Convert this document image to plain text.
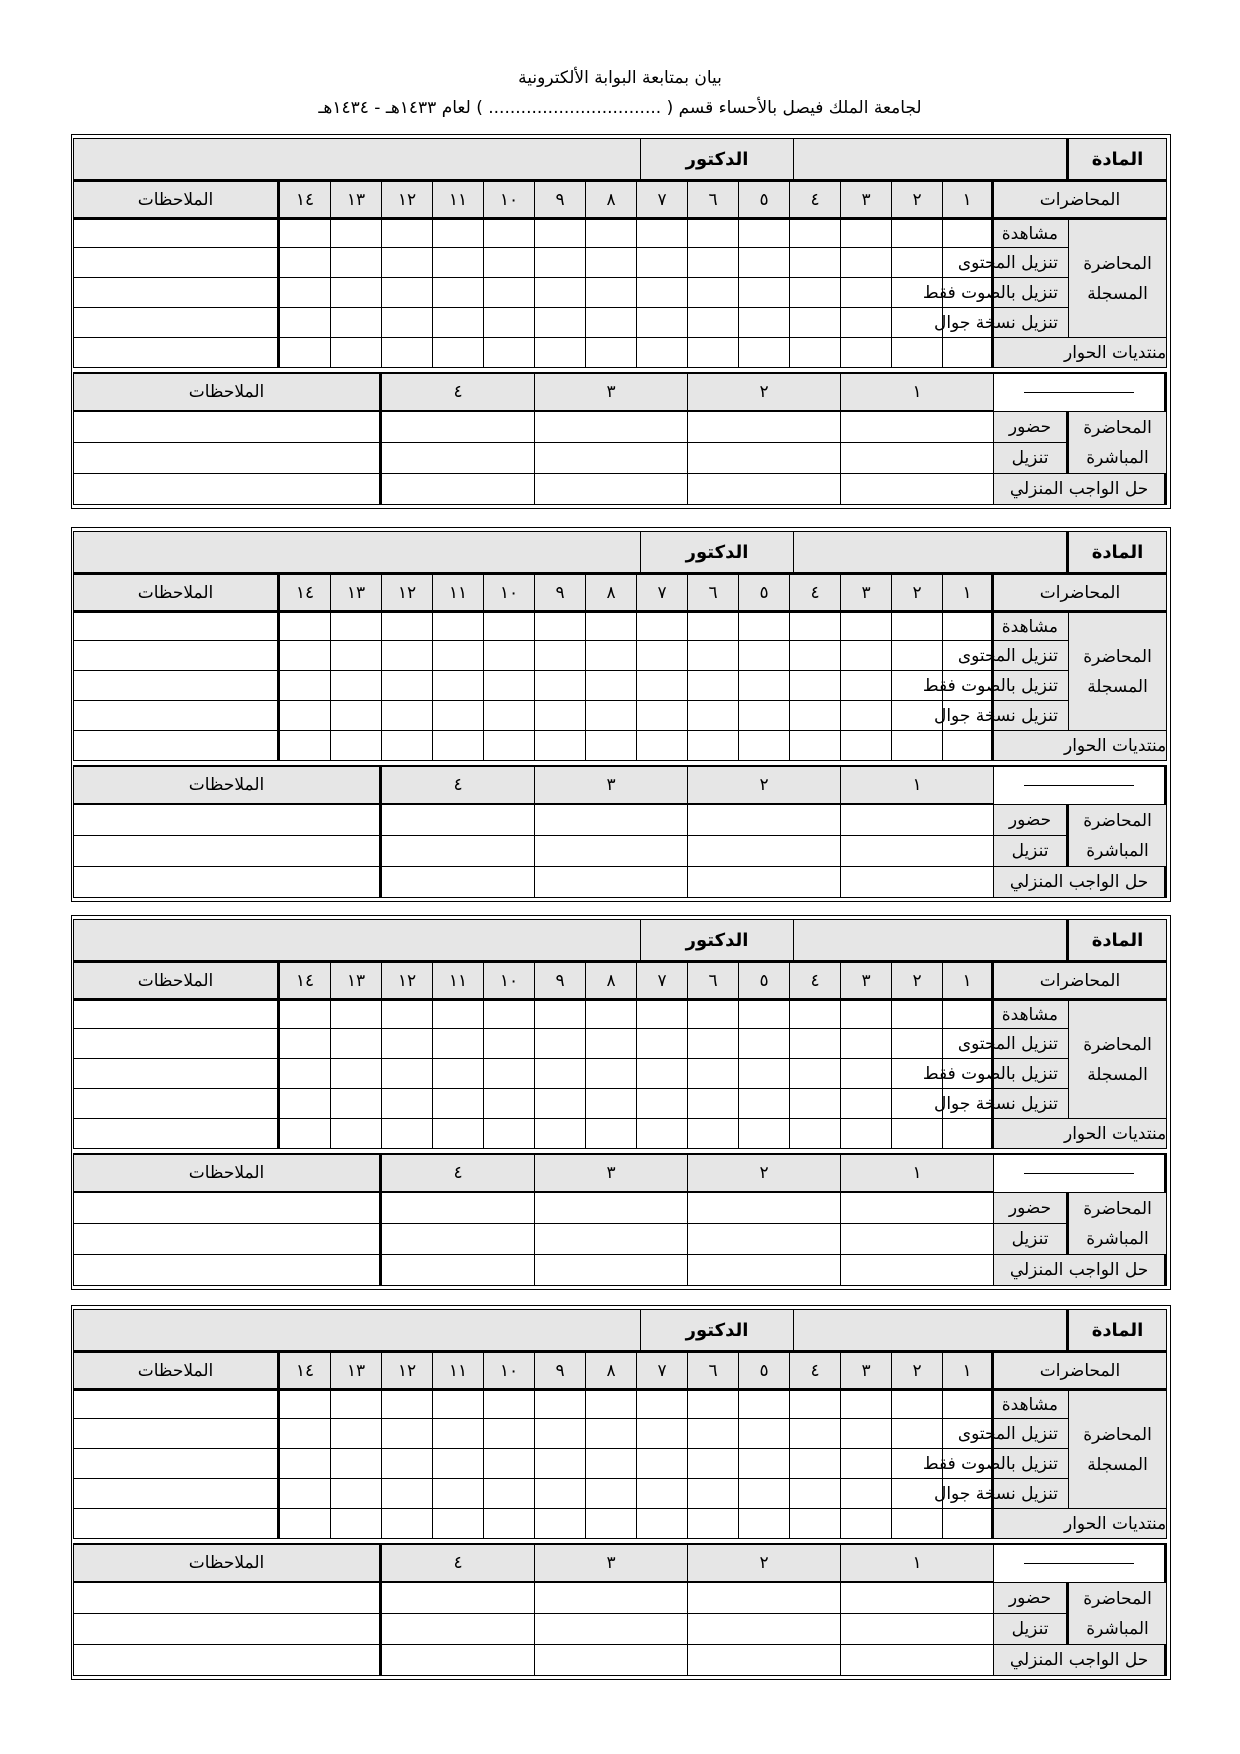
بيان بمتابعة البوابة الألكترونية
لجامعة الملك فيصل بالأحساء قسم ( ................................ ) لعام ١٤٣٣هـ - ١٤٣٤هـ
المادة
الدكتور
المحاضرات
١
٢
٣
٤
٥
٦
٧
٨
٩
١٠
١١
١٢
١٣
١٤
الملاحظات
المحاضرة المسجلة
مشاهدة
تنزيل المحتوى
تنزيل بالصوت فقط
تنزيل نسخة جوال
منتديات الحوار
١
٢
٣
٤
الملاحظات
المحاضرة المباشرة
حضور
تنزيل
حل الواجب المنزلي
المادة
الدكتور
المحاضرات
١
٢
٣
٤
٥
٦
٧
٨
٩
١٠
١١
١٢
١٣
١٤
الملاحظات
المحاضرة المسجلة
مشاهدة
تنزيل المحتوى
تنزيل بالصوت فقط
تنزيل نسخة جوال
منتديات الحوار
١
٢
٣
٤
الملاحظات
المحاضرة المباشرة
حضور
تنزيل
حل الواجب المنزلي
المادة
الدكتور
المحاضرات
١
٢
٣
٤
٥
٦
٧
٨
٩
١٠
١١
١٢
١٣
١٤
الملاحظات
المحاضرة المسجلة
مشاهدة
تنزيل المحتوى
تنزيل بالصوت فقط
تنزيل نسخة جوال
منتديات الحوار
١
٢
٣
٤
الملاحظات
المحاضرة المباشرة
حضور
تنزيل
حل الواجب المنزلي
المادة
الدكتور
المحاضرات
١
٢
٣
٤
٥
٦
٧
٨
٩
١٠
١١
١٢
١٣
١٤
الملاحظات
المحاضرة المسجلة
مشاهدة
تنزيل المحتوى
تنزيل بالصوت فقط
تنزيل نسخة جوال
منتديات الحوار
١
٢
٣
٤
الملاحظات
المحاضرة المباشرة
حضور
تنزيل
حل الواجب المنزلي
